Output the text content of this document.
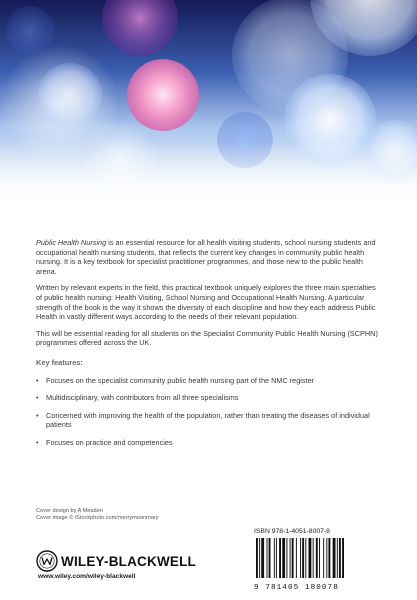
Public Health Nursing is an essential resource for all health visiting students, school nursing students and occupational health nursing students, that reflects the current key changes in community public health nursing. It is a key textbook for specialist practitioner programmes, and those new to the public health arena.

Written by relevant experts in the field, this practical textbook uniquely explores the three main specialties of public health nursing: Health Visiting, School Nursing and Occupational Health Nursing. A particular strength of the book is the way it shows the diversity of each discipline and how they each address Public Health in vastly different ways according to the needs of their relevant population.

This will be essential reading for all students on the Specialist Community Public Health Nursing (SCPHN) programmes offered across the UK.

Key features:
• Focuses on the specialist community public health nursing part of the NMC register
• Multidisciplinary, with contributors from all three specialisms
• Concerned with improving the health of the population, rather than treating the diseases of individual patients
• Focuses on practice and competencies
Cover design by A Meaden
Cover image © iStockphoto.com/merrymoonmary
WILEY-BLACKWELL
www.wiley.com/wiley-blackwell
ISBN 978-1-4051-8007-8
9 781405 180078
